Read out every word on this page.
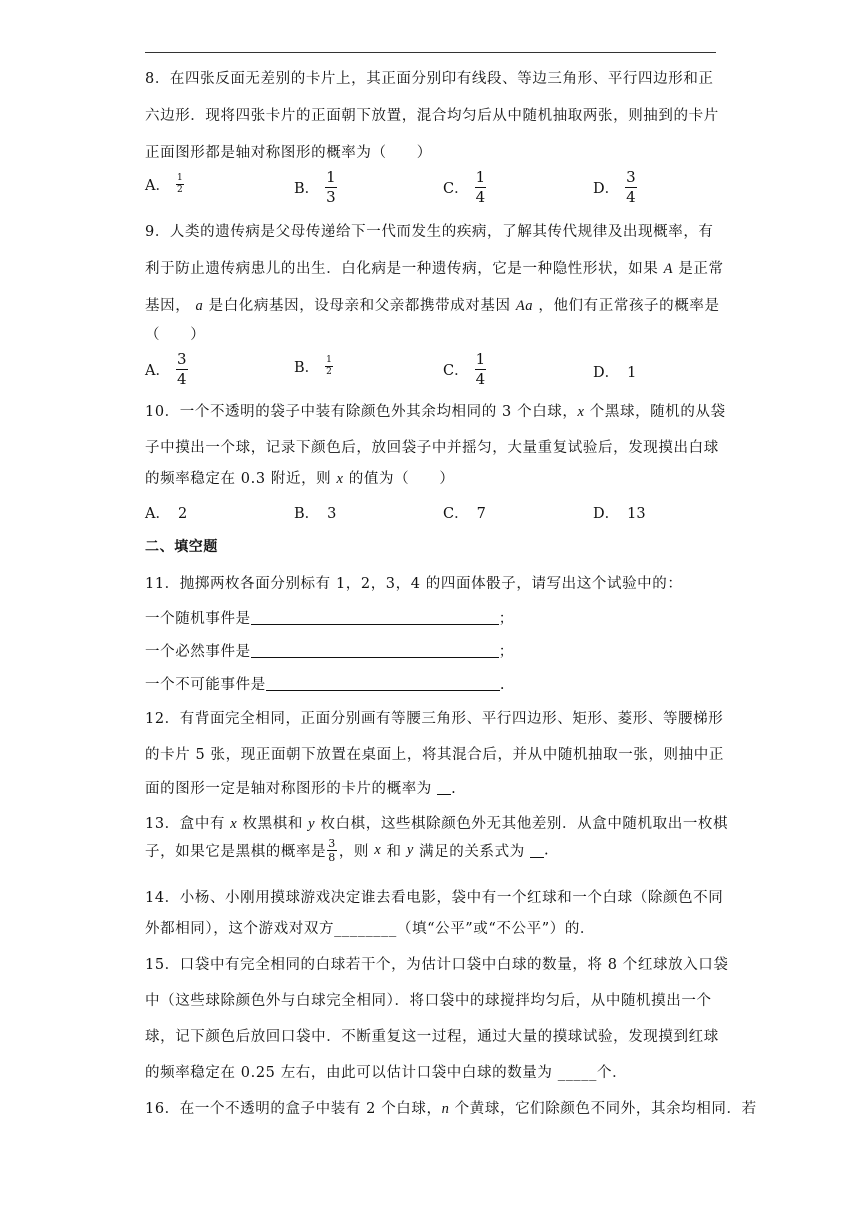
8．在四张反面无差别的卡片上，其正面分别印有线段、等边三角形、平行四边形和正
六边形．现将四张卡片的正面朝下放置，混合均匀后从中随机抽取两张，则抽到的卡片
正面图形都是轴对称图形的概率为（　　）
A． $\frac{1}{2}$	B． $\frac{1}{3}$	C． $\frac{1}{4}$	D． $\frac{3}{4}$
9．人类的遗传病是父母传递给下一代而发生的疾病，了解其传代规律及出现概率，有
利于防止遗传病患儿的出生．白化病是一种遗传病，它是一种隐性形状，如果 A 是正常
基因， a 是白化病基因，设母亲和父亲都携带成对基因 Aa ，他们有正常孩子的概率是
（　　）
A． $\frac{3}{4}$	B． $\frac{1}{2}$	C． $\frac{1}{4}$	D． 1
10．一个不透明的袋子中装有除颜色外其余均相同的 3 个白球，x 个黑球，随机的从袋
子中摸出一个球，记录下颜色后，放回袋子中并摇匀，大量重复试验后，发现摸出白球
的频率稳定在 0.3 附近，则 x 的值为（　　）
A． 2	B． 3	C． 7	D． 13
二、填空题
11．抛掷两枚各面分别标有 1，2，3，4 的四面体骰子，请写出这个试验中的：
一个随机事件是	；
一个必然事件是	；
一个不可能事件是	.
12．有背面完全相同，正面分别画有等腰三角形、平行四边形、矩形、菱形、等腰梯形
的卡片 5 张，现正面朝下放置在桌面上，将其混合后，并从中随机抽取一张，则抽中正
面的图形一定是轴对称图形的卡片的概率为 .
13．盒中有 x 枚黑棋和 y 枚白棋，这些棋除颜色外无其他差别．从盒中随机取出一枚棋
子，如果它是黑棋的概率是 $\frac{3}{8}$ ，则 x 和 y 满足的关系式为 .
14．小杨、小刚用摸球游戏决定谁去看电影，袋中有一个红球和一个白球（除颜色不同
外都相同），这个游戏对双方________（填“公平”或“不公平”）的．
15．口袋中有完全相同的白球若干个，为估计口袋中白球的数量，将 8 个红球放入口袋
中（这些球除颜色外与白球完全相同）．将口袋中的球搅拌均匀后，从中随机摸出一个
球，记下颜色后放回口袋中．不断重复这一过程，通过大量的摸球试验，发现摸到红球
的频率稳定在 0.25 左右，由此可以估计口袋中白球的数量为 _____个．
16．在一个不透明的盒子中装有 2 个白球，n 个黄球，它们除颜色不同外，其余均相同．若
